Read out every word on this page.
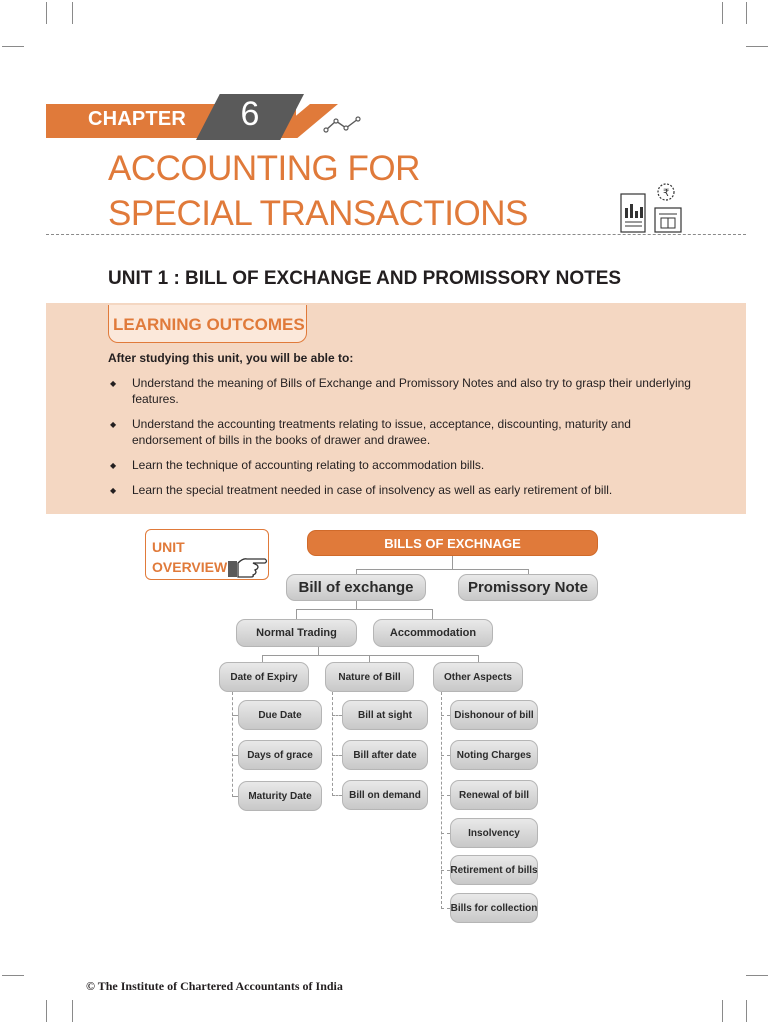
CHAPTER	6
ACCOUNTING FOR
SPECIAL TRANSACTIONS
₹
UNIT 1 : BILL OF EXCHANGE AND PROMISSORY NOTES
LEARNING OUTCOMES
After studying this unit, you will be able to:
◆ Understand the meaning of Bills of Exchange and Promissory Notes and also try to grasp their underlying features.
◆ Understand the accounting treatments relating to issue, acceptance, discounting, maturity and endorsement of bills in the books of drawer and drawee.
◆ Learn the technique of accounting relating to accommodation bills.
◆ Learn the special treatment needed in case of insolvency as well as early retirement of bill.
UNIT
OVERVIEW
BILLS OF EXCHNAGE
Bill of exchange	Promissory Note
Normal Trading	Accommodation
Date of Expiry	Nature of Bill	Other Aspects
Due Date
Days of grace
Maturity Date
Bill at sight
Bill after date
Bill on demand
Dishonour of bill
Noting Charges
Renewal of bill
Insolvency
Retirement of bills
Bills for collection
© The Institute of Chartered Accountants of India
